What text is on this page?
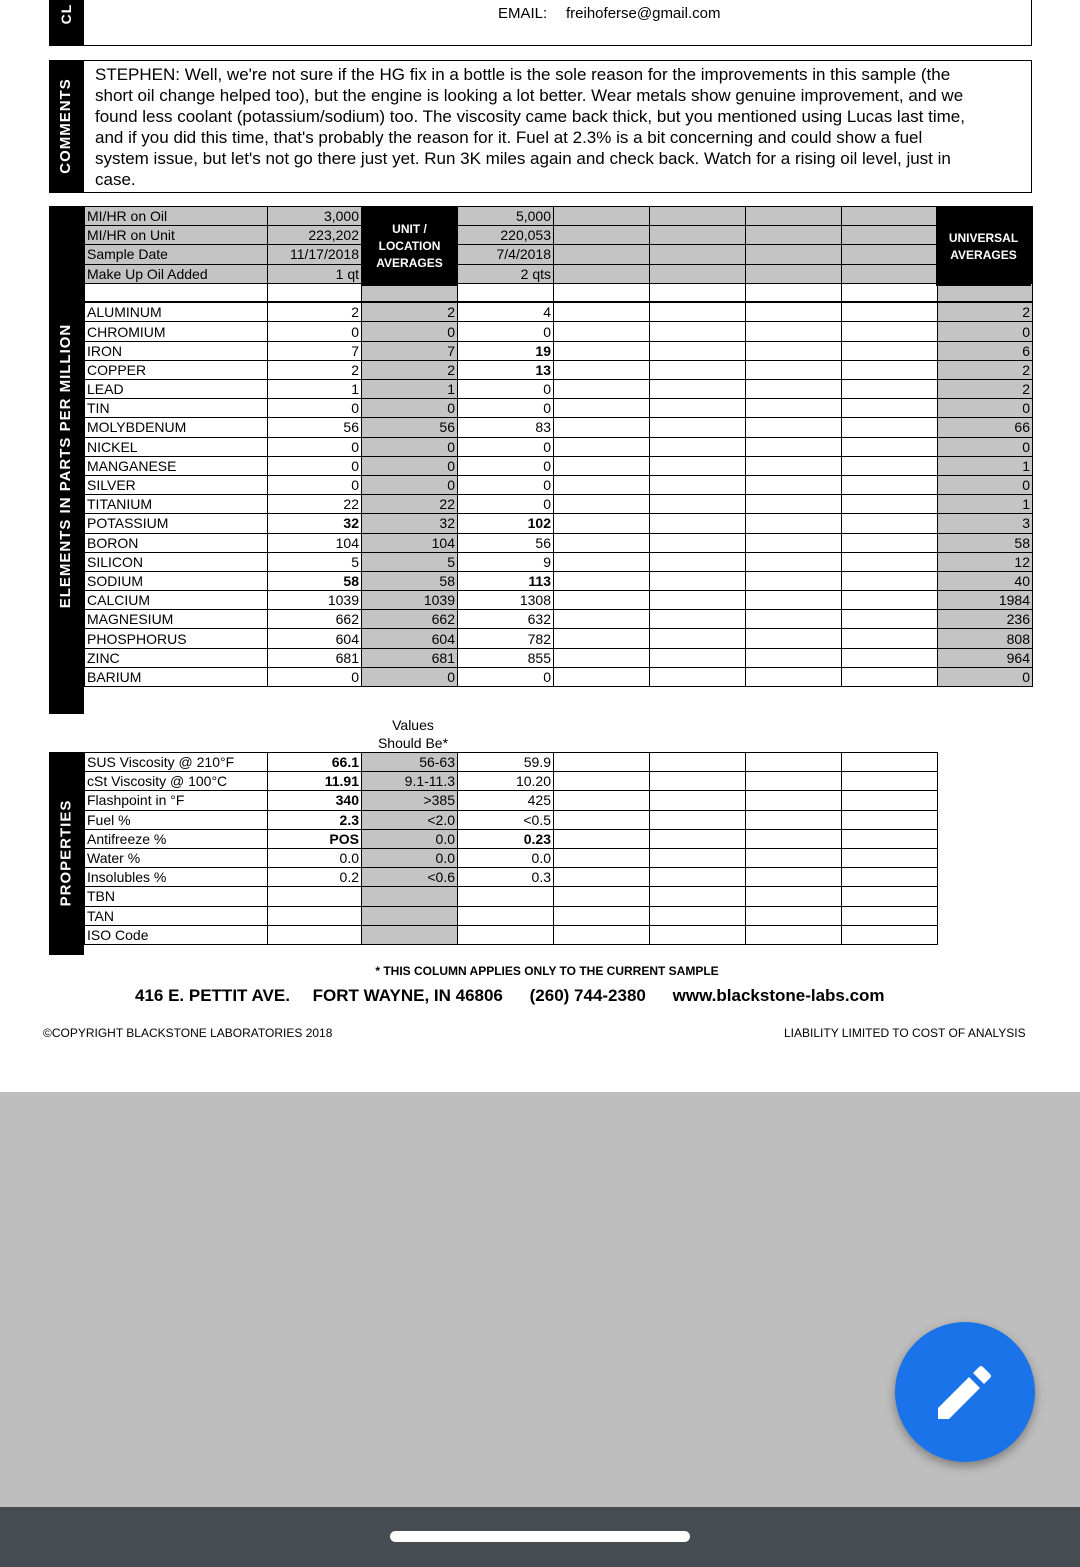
CL	EMAIL: freihoferse@gmail.com
COMMENTS
STEPHEN: Well, we're not sure if the HG fix in a bottle is the sole reason for the improvements in this sample (the short oil change helped too), but the engine is looking a lot better. Wear metals show genuine improvement, and we found less coolant (potassium/sodium) too. The viscosity came back thick, but you mentioned using Lucas last time, and if you did this time, that's probably the reason for it. Fuel at 2.3% is a bit concerning and could show a fuel system issue, but let's not go there just yet. Run 3K miles again and check back. Watch for a rising oil level, just in case.
ELEMENTS IN PARTS PER MILLION
MI/HR on Oil	3,000		5,000					
MI/HR on Unit	223,202		220,053					
Sample Date	11/17/2018		7/4/2018					
Make Up Oil Added	1 qt		2 qts					

ALUMINUM	2	2	4					2
CHROMIUM	0	0	0					0
IRON	7	7	19					6
COPPER	2	2	13					2
LEAD	1	1	0					2
TIN	0	0	0					0
MOLYBDENUM	56	56	83					66
NICKEL	0	0	0					0
MANGANESE	0	0	0					1
SILVER	0	0	0					0
TITANIUM	22	22	0					1
POTASSIUM	32	32	102					3
BORON	104	104	56					58
SILICON	5	5	9					12
SODIUM	58	58	113					40
CALCIUM	1039	1039	1308					1984
MAGNESIUM	662	662	632					236
PHOSPHORUS	604	604	782					808
ZINC	681	681	855					964
BARIUM	0	0	0					0
UNIT / LOCATION AVERAGES
UNIVERSAL AVERAGES
Values
Should Be*
PROPERTIES
SUS Viscosity @ 210°F	66.1	56-63	59.9				
cSt Viscosity @ 100°C	11.91	9.1-11.3	10.20				
Flashpoint in °F	340	>385	425				
Fuel %	2.3	<2.0	<0.5				
Antifreeze %	POS	0.0	0.23				
Water %	0.0	0.0	0.0				
Insolubles %	0.2	<0.6	0.3				
TBN							
TAN							
ISO Code							
* THIS COLUMN APPLIES ONLY TO THE CURRENT SAMPLE
416 E. PETTIT AVE. FORT WAYNE, IN 46806 (260) 744-2380 www.blackstone-labs.com
©COPYRIGHT BLACKSTONE LABORATORIES 2018	LIABILITY LIMITED TO COST OF ANALYSIS
